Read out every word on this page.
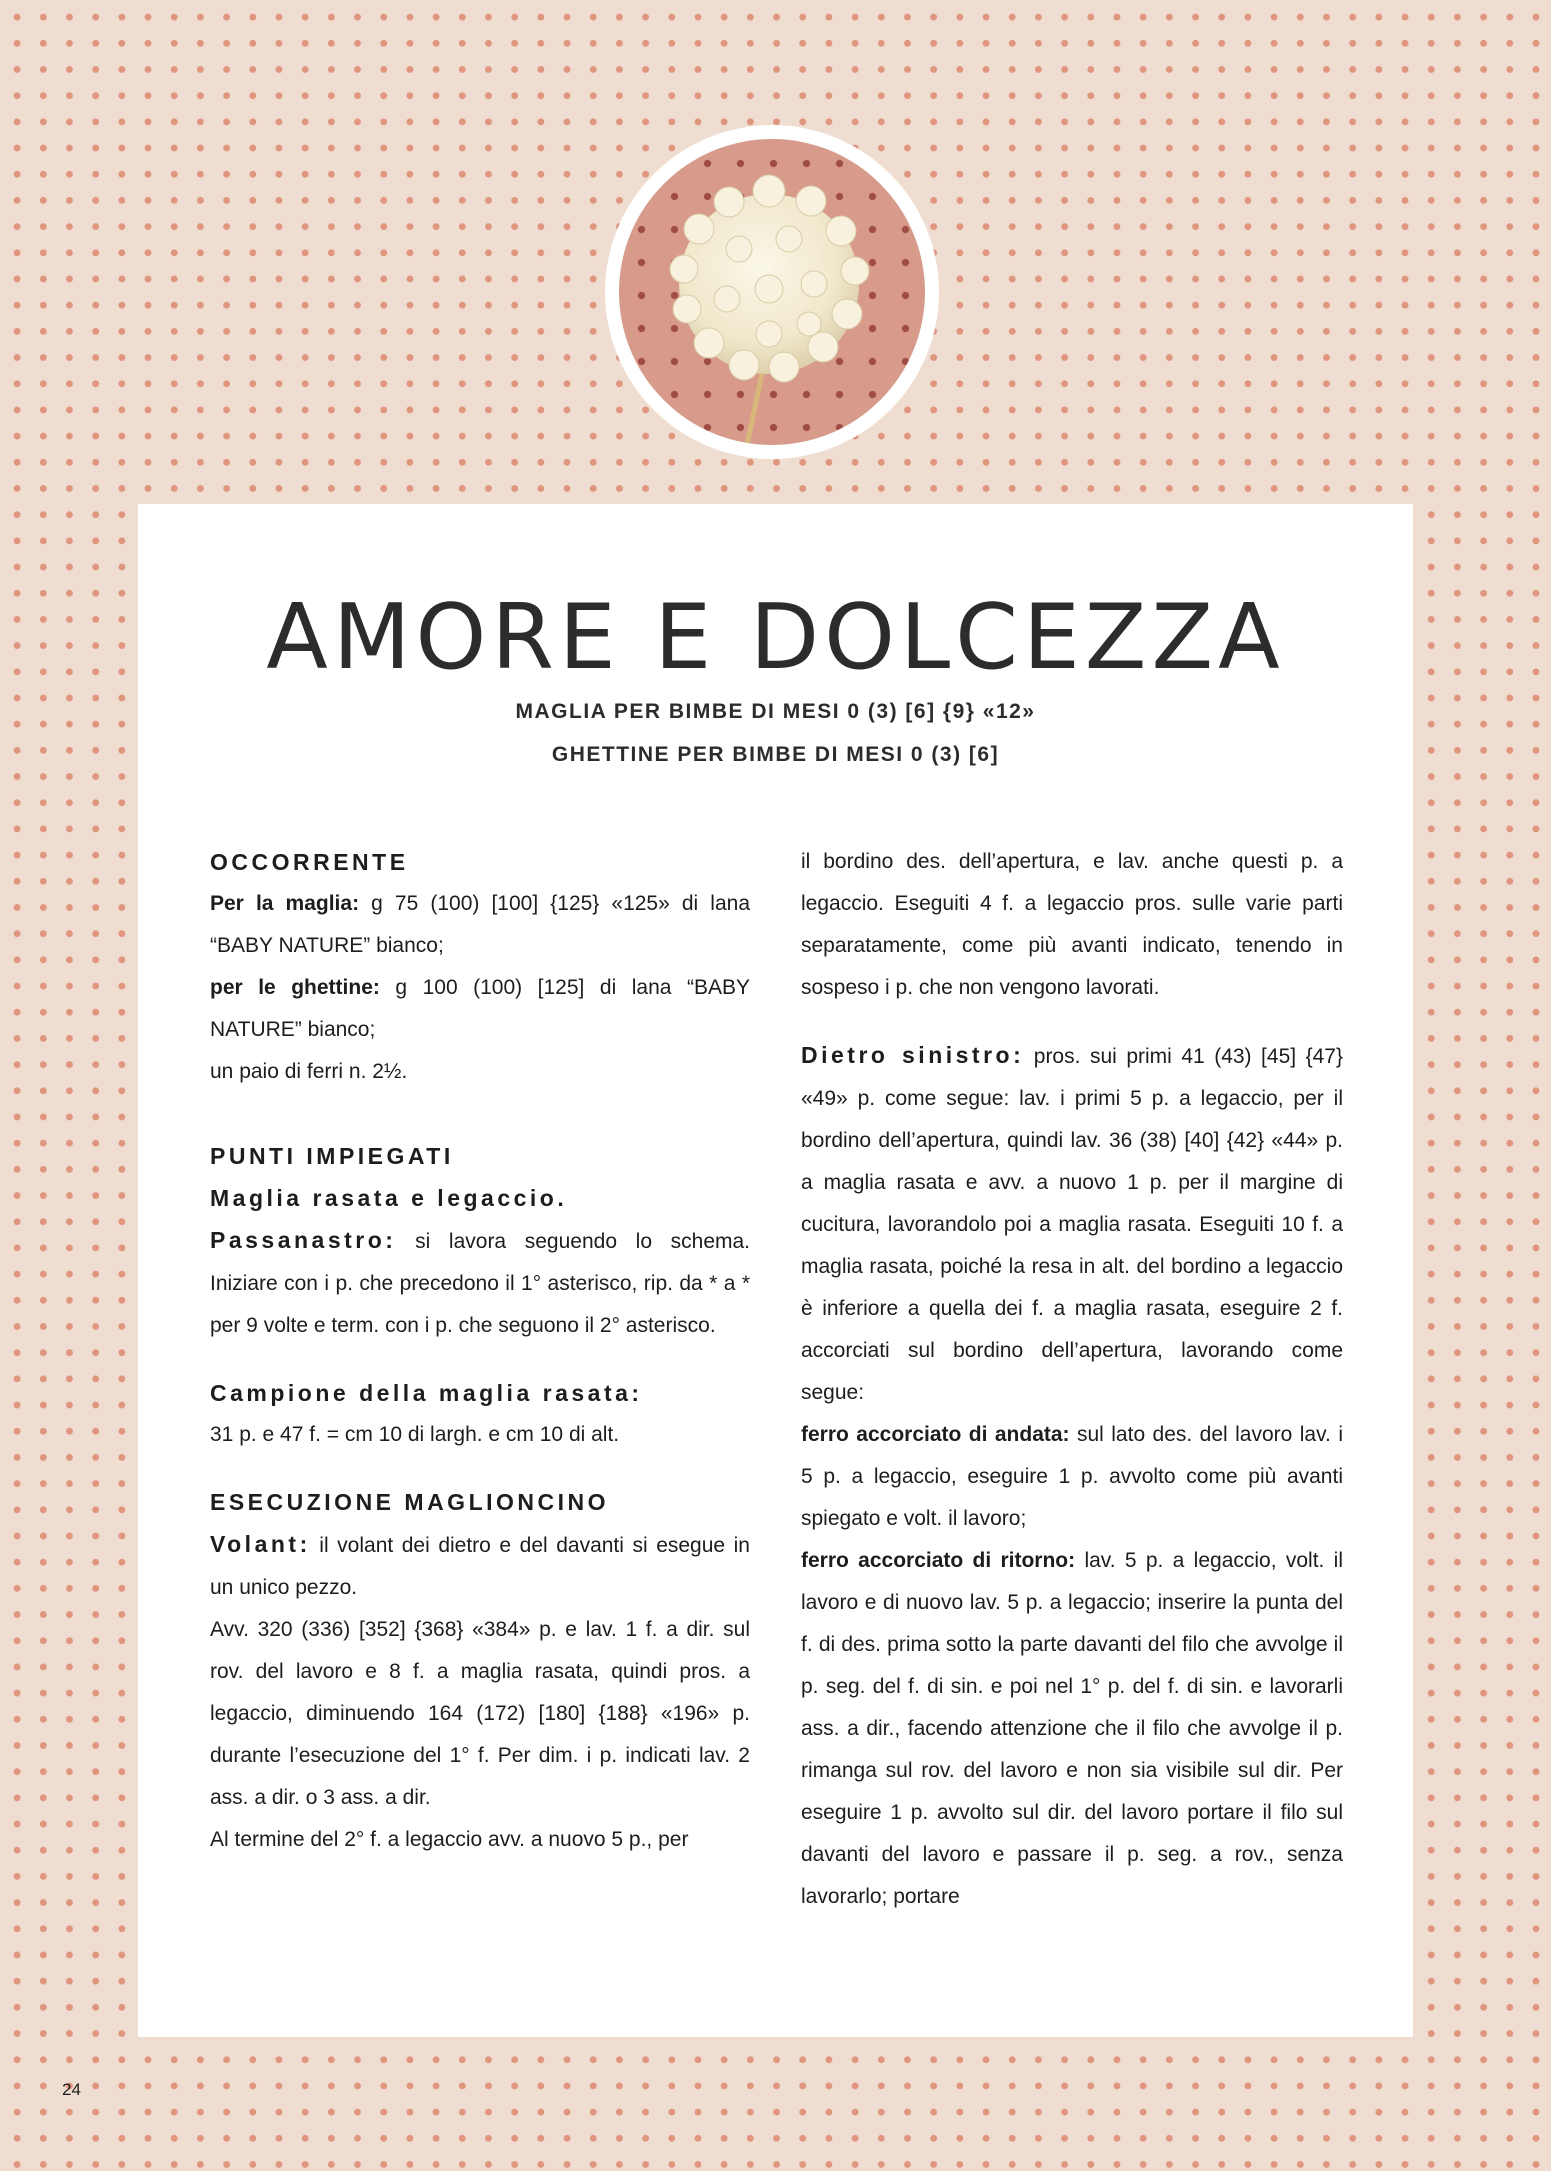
AMORE E DOLCEZZA
MAGLIA PER BIMBE DI MESI 0 (3) [6] {9} «12»
GHETTINE PER BIMBE DI MESI 0 (3) [6]
OCCORRENTE

Per la maglia: g 75 (100) [100] {125} «125» di lana “BABY NATURE” bianco;

per le ghettine: g 100 (100) [125] di lana “BABY NATURE” bianco;

un paio di ferri n. 2½.

PUNTI IMPIEGATI
Maglia rasata e legaccio.

Passanastro: si lavora seguendo lo schema. Iniziare con i p. che precedono il 1° asterisco, rip. da * a * per 9 volte e term. con i p. che seguono il 2° asterisco.

Campione della maglia rasata:

31 p. e 47 f. = cm 10 di largh. e cm 10 di alt.

ESECUZIONE MAGLIONCINO

Volant: il volant dei dietro e del davanti si esegue in un unico pezzo.

Avv. 320 (336) [352] {368} «384» p. e lav. 1 f. a dir. sul rov. del lavoro e 8 f. a maglia rasata, quindi pros. a legaccio, diminuendo 164 (172) [180] {188} «196» p. durante l’esecuzione del 1° f. Per dim. i p. indicati lav. 2 ass. a dir. o 3 ass. a dir.

Al termine del 2° f. a legaccio avv. a nuovo 5 p., per

il bordino des. dell’apertura, e lav. anche questi p. a legaccio. Eseguiti 4 f. a legaccio pros. sulle varie parti separatamente, come più avanti indicato, tenendo in sospeso i p. che non vengono lavorati.

Dietro sinistro: pros. sui primi 41 (43) [45] {47} «49» p. come segue: lav. i primi 5 p. a legaccio, per il bordino dell’apertura, quindi lav. 36 (38) [40] {42} «44» p. a maglia rasata e avv. a nuovo 1 p. per il margine di cucitura, lavorandolo poi a maglia rasata. Eseguiti 10 f. a maglia rasata, poiché la resa in alt. del bordino a legaccio è inferiore a quella dei f. a maglia rasata, eseguire 2 f. accorciati sul bordino dell’apertura, lavorando come segue:

ferro accorciato di andata: sul lato des. del lavoro lav. i 5 p. a legaccio, eseguire 1 p. avvolto come più avanti spiegato e volt. il lavoro;

ferro accorciato di ritorno: lav. 5 p. a legaccio, volt. il lavoro e di nuovo lav. 5 p. a legaccio; inserire la punta del f. di des. prima sotto la parte davanti del filo che avvolge il p. seg. del f. di sin. e poi nel 1° p. del f. di sin. e lavorarli ass. a dir., facendo attenzione che il filo che avvolge il p. rimanga sul rov. del lavoro e non sia visibile sul dir. Per eseguire 1 p. avvolto sul dir. del lavoro portare il filo sul davanti del lavoro e passare il p. seg. a rov., senza lavorarlo; portare

24
